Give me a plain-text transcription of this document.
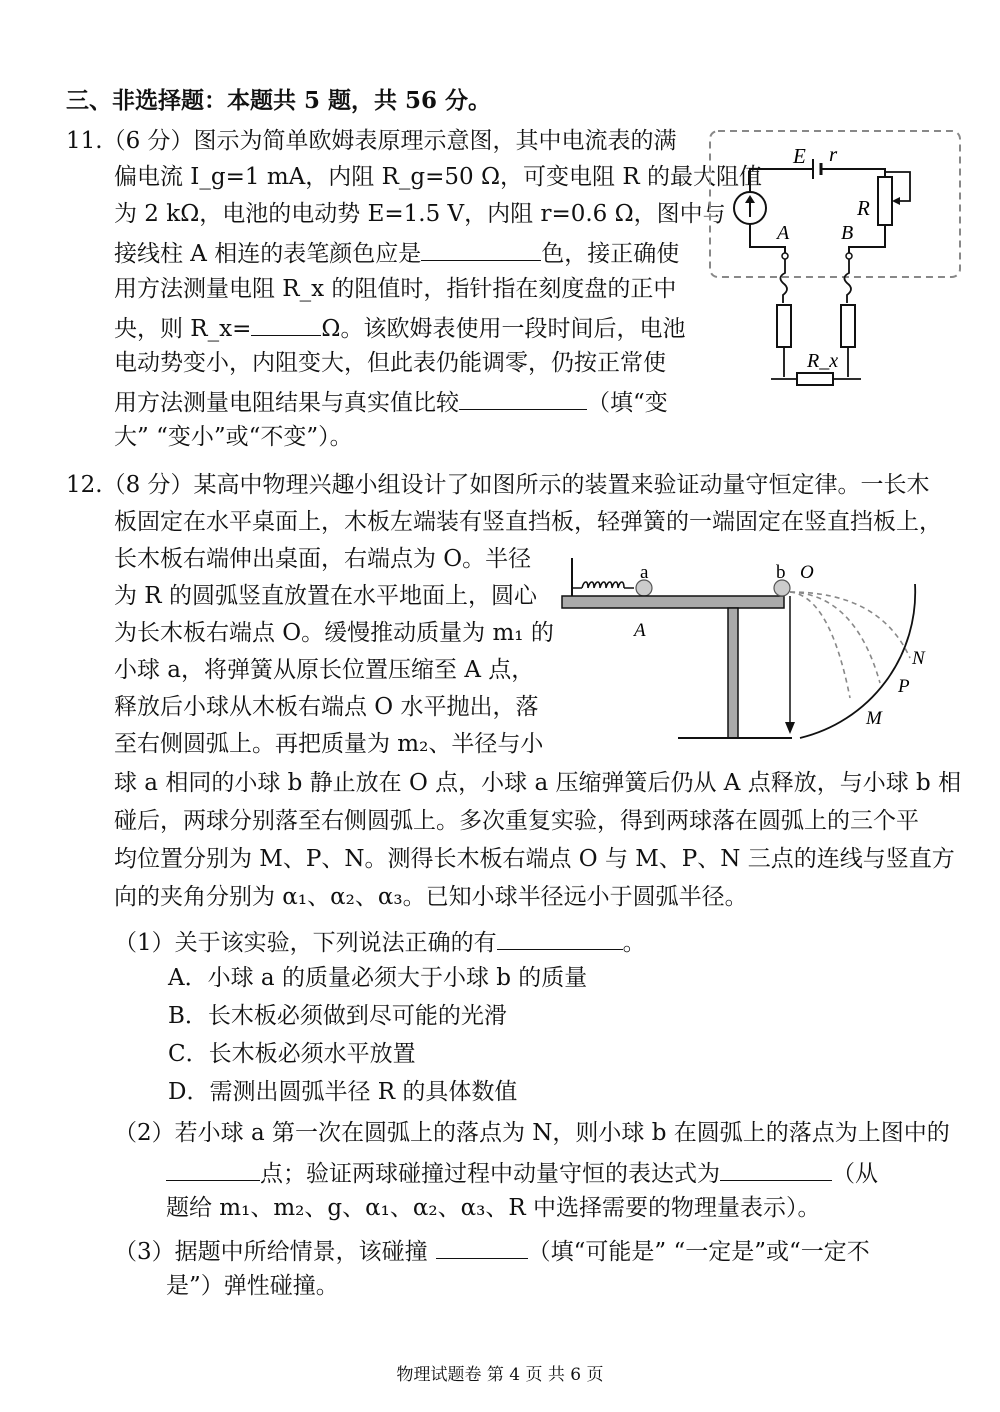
三、非选择题：本题共 5 题，共 56 分。
11.（6 分）图示为简单欧姆表原理示意图，其中电流表的满
偏电流 I_g=1 mA，内阻 R_g=50 Ω，可变电阻 R 的最大阻值
为 2 kΩ，电池的电动势 E=1.5 V，内阻 r=0.6 Ω，图中与
接线柱 A 相连的表笔颜色应是	色，接正确使
用方法测量电阻 R_x 的阻值时，指针指在刻度盘的正中
央，则 R_x=	Ω。该欧姆表使用一段时间后，电池
电动势变小，内阻变大，但此表仍能调零，仍按正常使
用方法测量电阻结果与真实值比较	（填“变
大” “变小”或“不变”）。
E r
R
A	B
R_x
12.（8 分）某高中物理兴趣小组设计了如图所示的装置来验证动量守恒定律。一长木
板固定在水平桌面上，木板左端装有竖直挡板，轻弹簧的一端固定在竖直挡板上，
长木板右端伸出桌面，右端点为 O。半径
为 R 的圆弧竖直放置在水平地面上，圆心
为长木板右端点 O。缓慢推动质量为 m₁ 的
小球 a，将弹簧从原长位置压缩至 A 点，
释放后小球从木板右端点 O 水平抛出，落
至右侧圆弧上。再把质量为 m₂、半径与小
球 a 相同的小球 b 静止放在 O 点，小球 a 压缩弹簧后仍从 A 点释放，与小球 b 相
碰后，两球分别落至右侧圆弧上。多次重复实验，得到两球落在圆弧上的三个平
均位置分别为 M、P、N。测得长木板右端点 O 与 M、P、N 三点的连线与竖直方
向的夹角分别为 α₁、α₂、α₃。已知小球半径远小于圆弧半径。
（1）关于该实验，下列说法正确的有	。
A．小球 a 的质量必须大于小球 b 的质量
B．长木板必须做到尽可能的光滑
C．长木板必须水平放置
D．需测出圆弧半径 R 的具体数值
（2）若小球 a 第一次在圆弧上的落点为 N，则小球 b 在圆弧上的落点为上图中的
点；验证两球碰撞过程中动量守恒的表达式为	（从
题给 m₁、m₂、g、α₁、α₂、α₃、R 中选择需要的物理量表示）。
（3）据题中所给情景，该碰撞	（填“可能是” “一定是”或“一定不
是”）弹性碰撞。
a	b O
A
N
P
M
物理试题卷 第 4 页 共 6 页
